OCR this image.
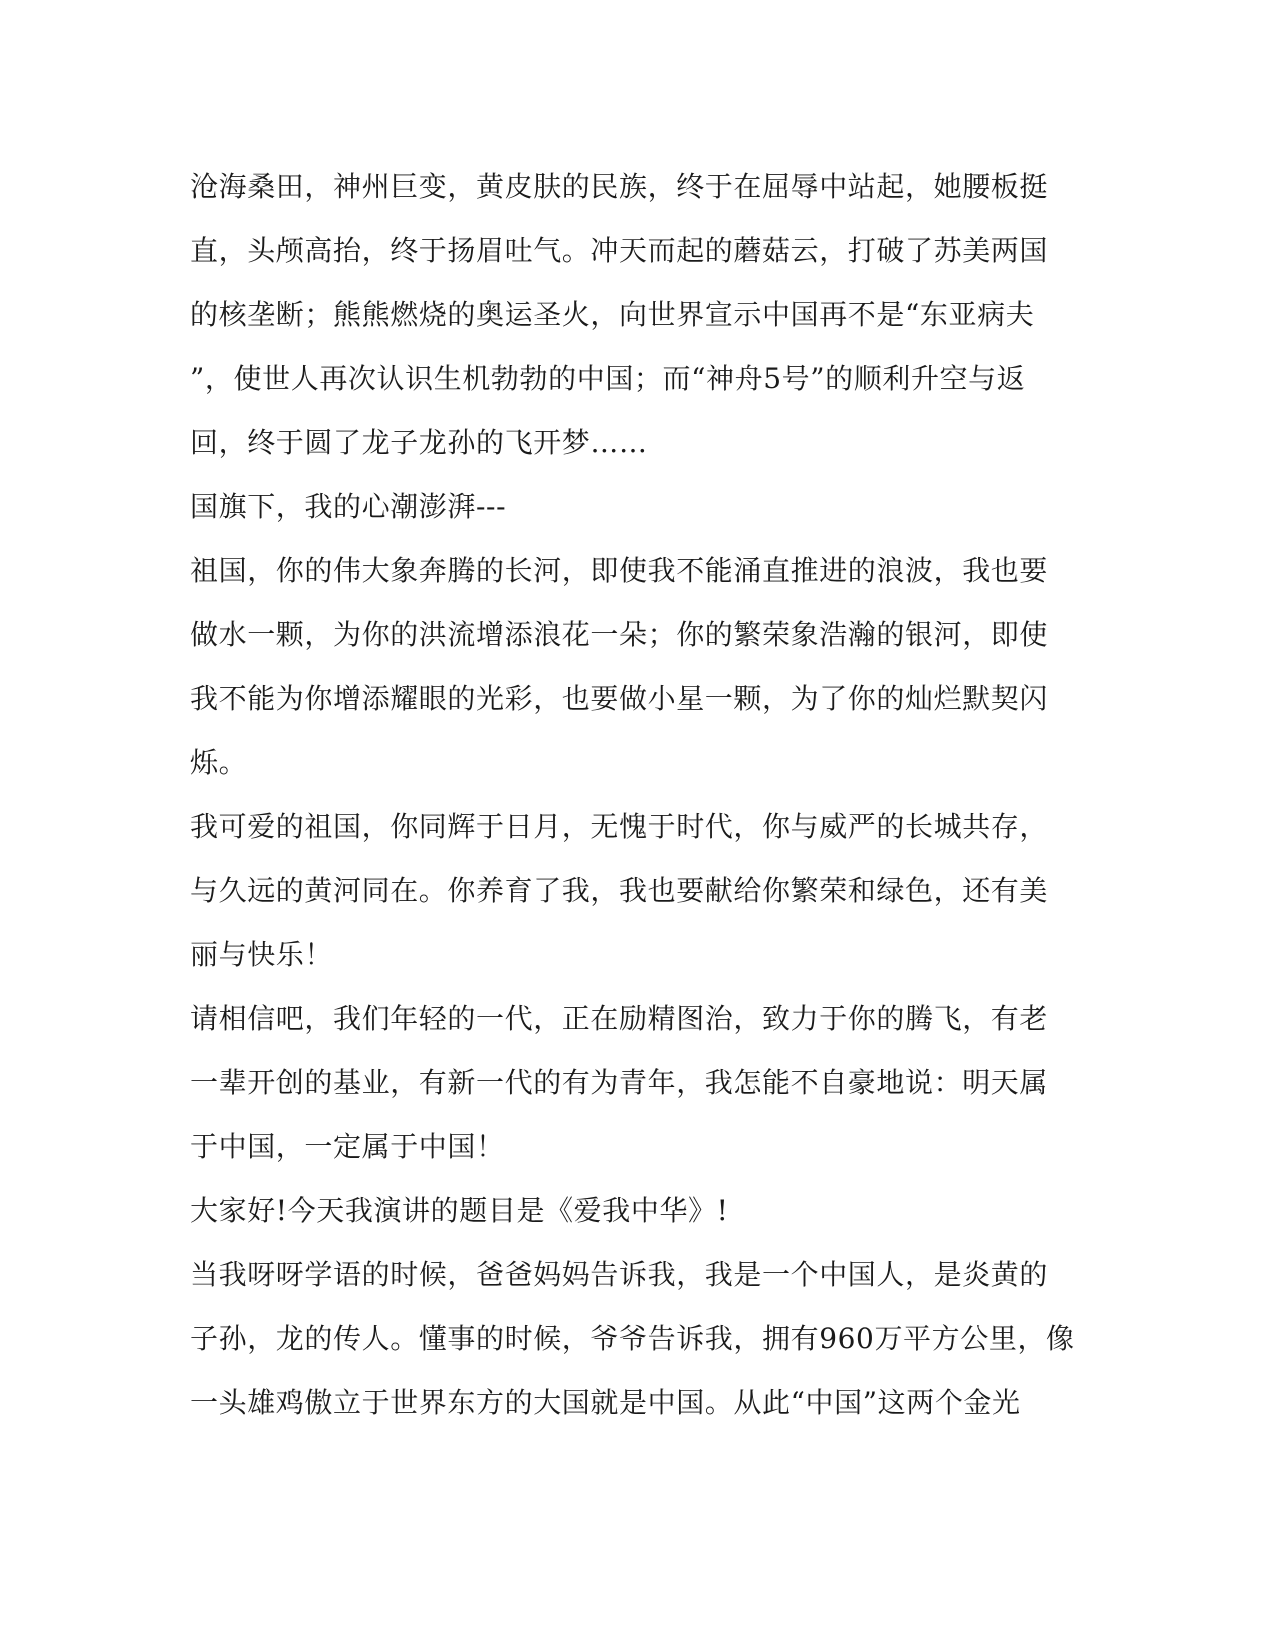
沧海桑田，神州巨变，黄皮肤的民族，终于在屈辱中站起，她腰板挺
直，头颅高抬，终于扬眉吐气。冲天而起的蘑菇云，打破了苏美两国
的核垄断；熊熊燃烧的奥运圣火，向世界宣示中国再不是“东亚病夫
”，使世人再次认识生机勃勃的中国；而“神舟5号”的顺利升空与返
回，终于圆了龙子龙孙的飞开梦……
国旗下，我的心潮澎湃---
祖国，你的伟大象奔腾的长河，即使我不能涌直推进的浪波，我也要
做水一颗，为你的洪流增添浪花一朵；你的繁荣象浩瀚的银河，即使
我不能为你增添耀眼的光彩，也要做小星一颗，为了你的灿烂默契闪
烁。
我可爱的祖国，你同辉于日月，无愧于时代，你与威严的长城共存，
与久远的黄河同在。你养育了我，我也要献给你繁荣和绿色，还有美
丽与快乐！
请相信吧，我们年轻的一代，正在励精图治，致力于你的腾飞，有老
一辈开创的基业，有新一代的有为青年，我怎能不自豪地说：明天属
于中国，一定属于中国！
大家好!今天我演讲的题目是《爱我中华》!
当我呀呀学语的时候，爸爸妈妈告诉我，我是一个中国人，是炎黄的
子孙，龙的传人。懂事的时候，爷爷告诉我，拥有960万平方公里，像
一头雄鸡傲立于世界东方的大国就是中国。从此“中国”这两个金光
